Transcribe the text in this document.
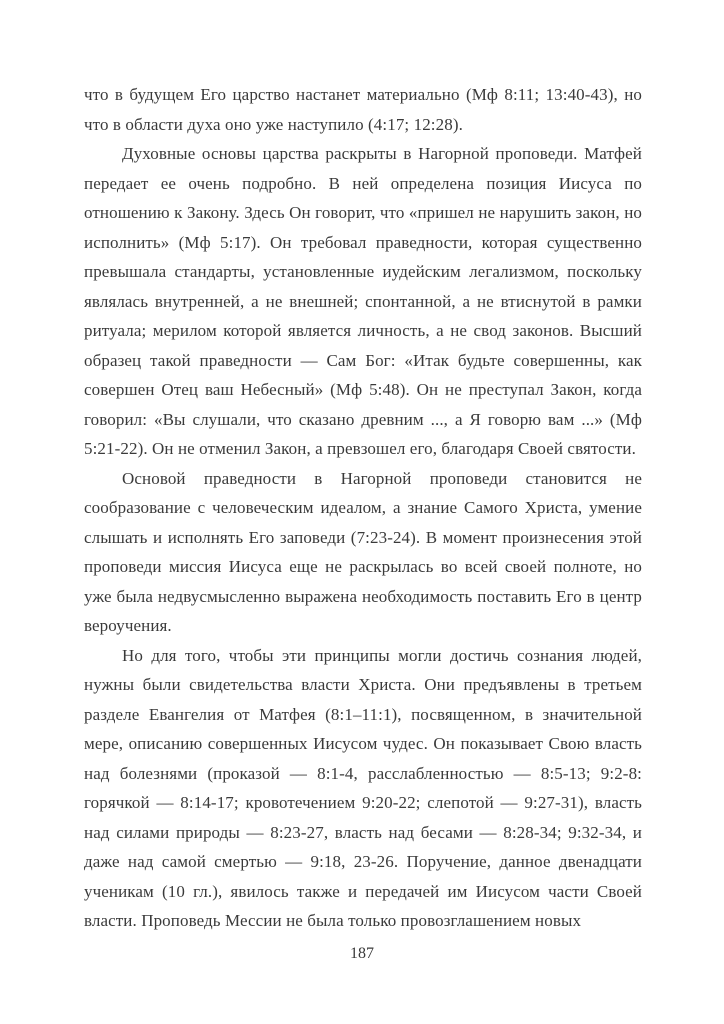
что в будущем Его царство настанет материально (Мф 8:11; 13:40-43), но что в области духа оно уже наступило (4:17; 12:28).

Духовные основы царства раскрыты в Нагорной проповеди. Матфей передает ее очень подробно. В ней определена позиция Иисуса по отношению к Закону. Здесь Он говорит, что «пришел не нарушить закон, но исполнить» (Мф 5:17). Он требовал праведности, которая существенно превышала стандарты, установленные иудейским легализмом, поскольку являлась внутренней, а не внешней; спонтанной, а не втиснутой в рамки ритуала; мерилом которой является личность, а не свод законов. Высший образец такой праведности — Сам Бог: «Итак будьте совершенны, как совершен Отец ваш Небесный» (Мф 5:48). Он не преступал Закон, когда говорил: «Вы слушали, что сказано древним ..., а Я говорю вам ...» (Мф 5:21-22). Он не отменил Закон, а превзошел его, благодаря Своей святости.

Основой праведности в Нагорной проповеди становится не сообразование с человеческим идеалом, а знание Самого Христа, умение слышать и исполнять Его заповеди (7:23-24). В момент произнесения этой проповеди миссия Иисуса еще не раскрылась во всей своей полноте, но уже была недвусмысленно выражена необходимость поставить Его в центр вероучения.

Но для того, чтобы эти принципы могли достичь сознания людей, нужны были свидетельства власти Христа. Они предъявлены в третьем разделе Евангелия от Матфея (8:1–11:1), посвященном, в значительной мере, описанию совершенных Иисусом чудес. Он показывает Свою власть над болезнями (проказой — 8:1-4, расслабленностью — 8:5-13; 9:2-8: горячкой — 8:14-17; кровотечением 9:20-22; слепотой — 9:27-31), власть над силами природы — 8:23-27, власть над бесами — 8:28-34; 9:32-34, и даже над самой смертью — 9:18, 23-26. Поручение, данное двенадцати ученикам (10 гл.), явилось также и передачей им Иисусом части Своей власти. Проповедь Мессии не была только провозглашением новых

187
